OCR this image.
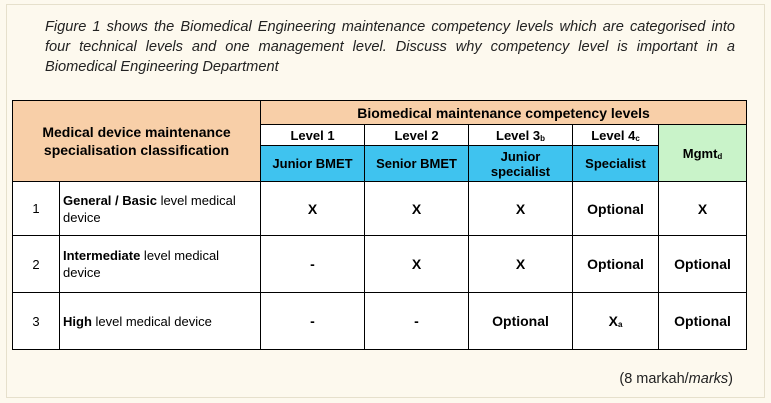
Figure 1 shows the Biomedical Engineering maintenance competency levels which are categorised into four technical levels and one management level. Discuss why competency level is important in a Biomedical Engineering Department
Medical device maintenance specialisation classification		Biomedical maintenance competency levels				
		Level 1	Level 2	Level $3_b$	Level $4_c$	Mgmt$_d$
		Junior BMET	Senior BMET	Junior specialist	Specialist	
1	General / Basic level medical device	X	X	X	Optional	X
2	Intermediate level medical device	-	X	X	Optional	Optional
3	High level medical device	-	-	Optional	$X_a$	Optional
(8 markah/marks)
